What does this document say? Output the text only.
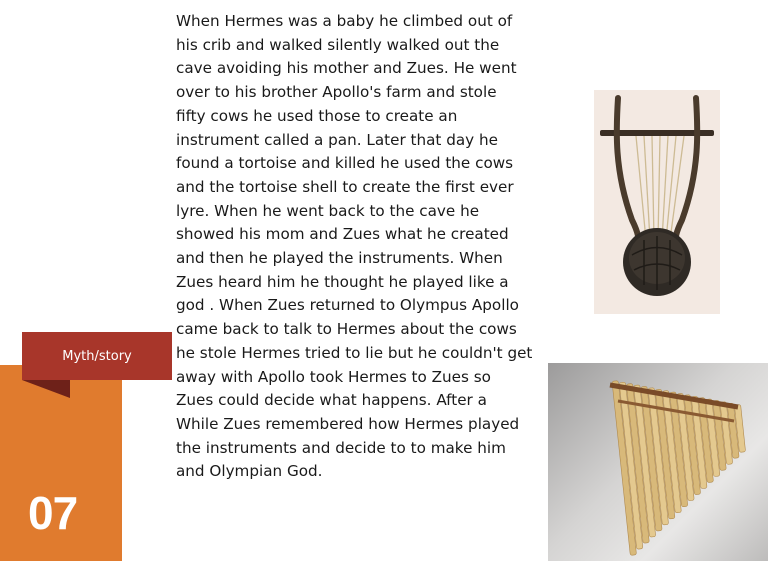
07
Myth/story
When Hermes was a baby he climbed out of
his crib and walked silently walked out the
cave avoiding his mother and Zues. He went
over to his brother Apollo's farm and stole
fifty cows he used those to create an
instrument called a pan. Later that day he
found a tortoise and killed he used the cows
and the tortoise shell to create the first ever
lyre. When he went back to the cave he
showed his mom and Zues what he created
and then he played the instruments. When
Zues heard him he thought he played like a
god . When Zues returned to Olympus Apollo
came back to talk to Hermes about the cows
he stole Hermes tried to lie but he couldn't get
away with Apollo took Hermes to Zues so
Zues could decide what happens. After a
While Zues remembered how Hermes played
the instruments and decide to to make him
and Olympian God.
